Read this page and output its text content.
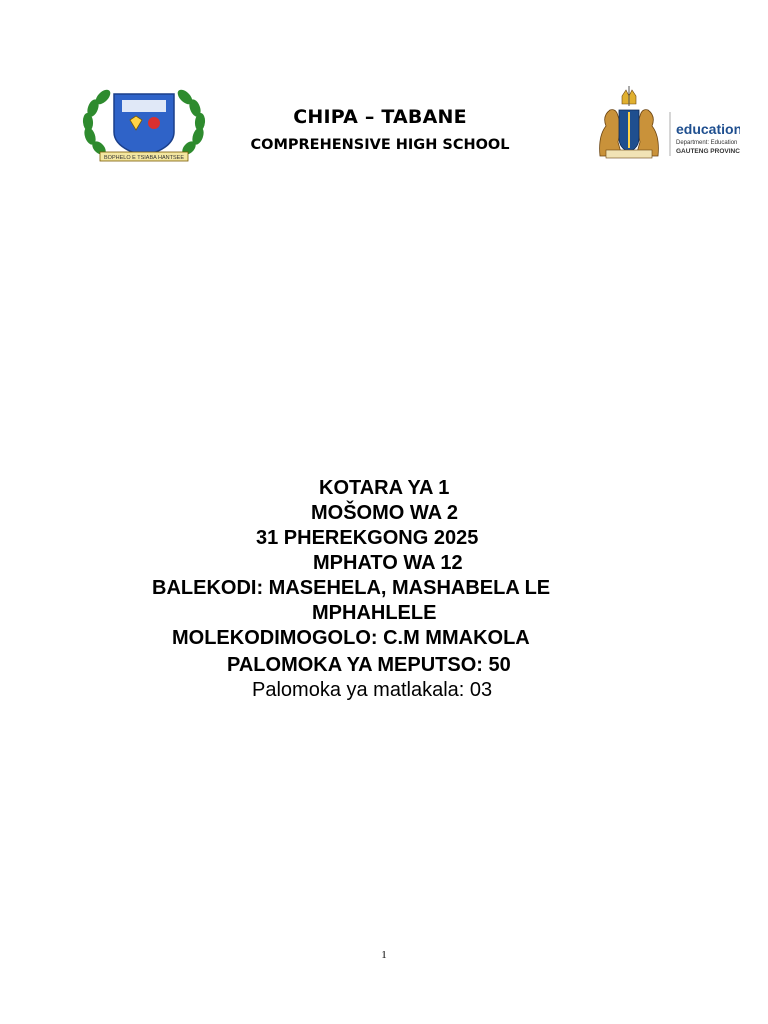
BOPHELO E TSIABA HANTSEE
CHIPA – TABANE
COMPREHENSIVE HIGH SCHOOL
education
Department: Education
GAUTENG PROVINCE
KOTARA YA 1
MOŠOMO WA 2
31 PHEREKGONG 2025
MPHATO WA 12
BALEKODI: MASEHELA, MASHABELA LE
MPHAHLELE
MOLEKODIMOGOLO: C.M MMAKOLA
PALOMOKA YA MEPUTSO: 50
Palomoka ya matlakala: 03
1
